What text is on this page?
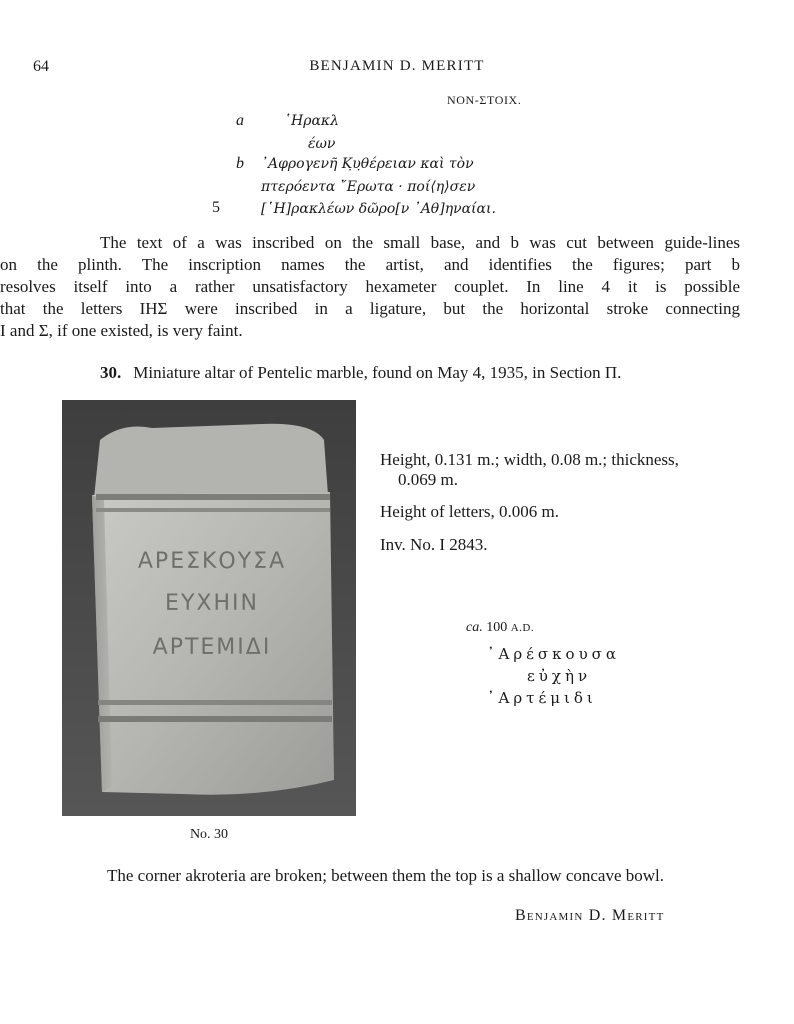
64	BENJAMIN D. MERITT
NON-ΣΤΟΙΧ.
a	῾Ηρακλ
έων
b ᾽Αφρογενῆ Κ̣υ̣θέρειαν καὶ τὸν
πτερόεντα ῎Ερωτα · ποί⟨η⟩σεν
5	[῾Η]ρακλέων δῶρο[ν ᾽Αθ]ηναίαι.
The text of a was inscribed on the small base, and b was cut between guide-lines
on the plinth. The inscription names the artist, and identifies the figures; part b
resolves itself into a rather unsatisfactory hexameter couplet. In line 4 it is possible
that the letters ΙΗΣ were inscribed in a ligature, but the horizontal stroke connecting
Ι and Σ, if one existed, is very faint.
30. Miniature altar of Pentelic marble, found on May 4, 1935, in Section Π.
ΑΡΕΣΚΟΥΣΑ
ΕΥΧΗΙΝ
ΑΡΤΕΜΙΔΙ
No. 30
Height, 0.131 m.; width, 0.08 m.; thickness,
0.069 m.
Height of letters, 0.006 m.
Inv. No. I 2843.
ca. 100 A.D.
᾽Αρέσκουσα
εὐχὴν
᾽Αρτέμιδι
The corner akroteria are broken; between them the top is a shallow concave bowl.
Benjamin D. Meritt
